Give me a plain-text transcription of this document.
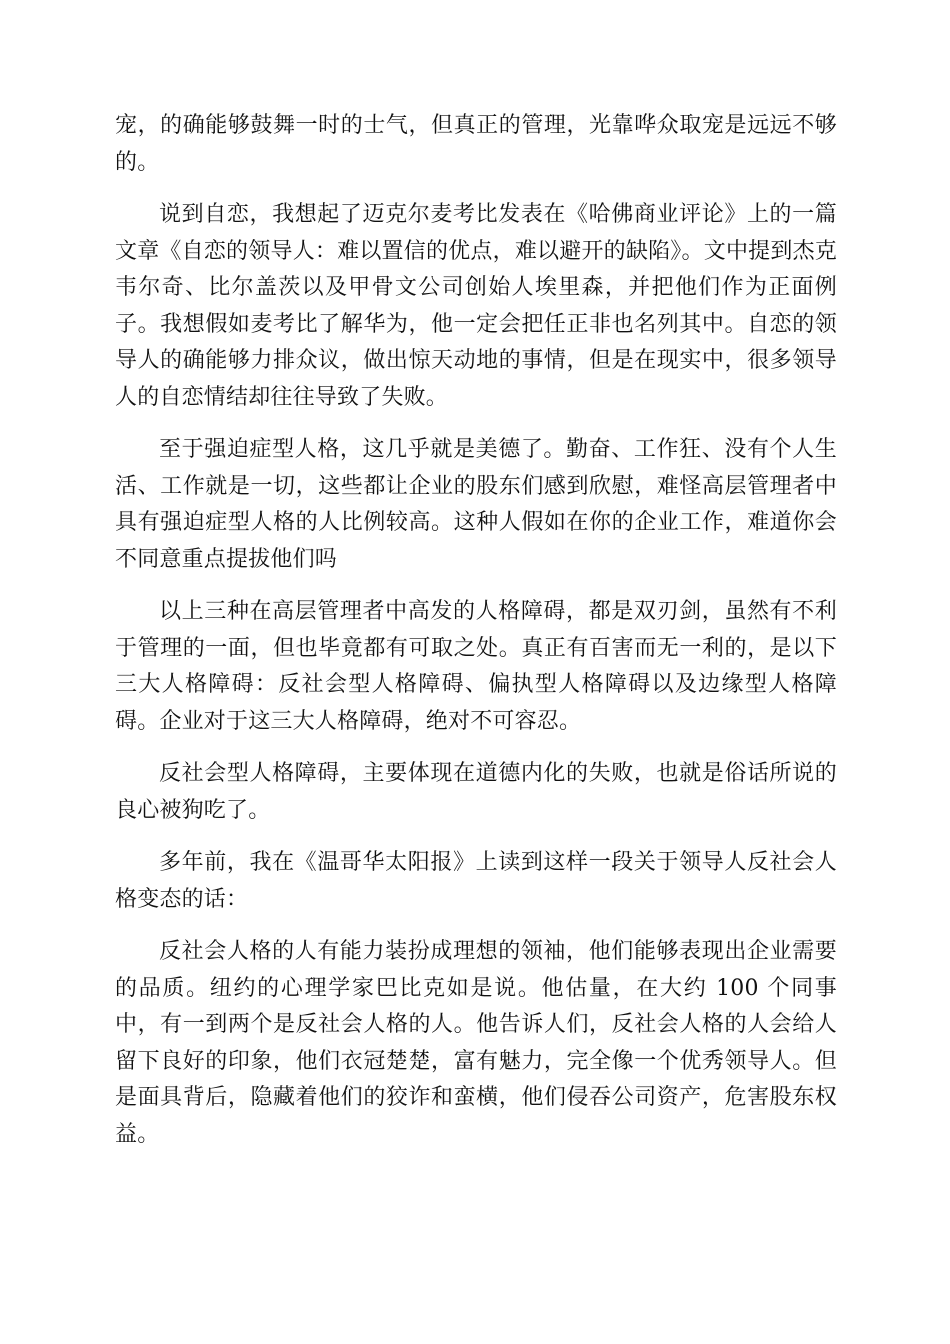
宠，的确能够鼓舞一时的士气，但真正的管理，光靠哗众取宠是远远不够的。

说到自恋，我想起了迈克尔麦考比发表在《哈佛商业评论》上的一篇文章《自恋的领导人：难以置信的优点，难以避开的缺陷》。文中提到杰克韦尔奇、比尔盖茨以及甲骨文公司创始人埃里森，并把他们作为正面例子。我想假如麦考比了解华为，他一定会把任正非也名列其中。自恋的领导人的确能够力排众议，做出惊天动地的事情，但是在现实中，很多领导人的自恋情结却往往导致了失败。

至于强迫症型人格，这几乎就是美德了。勤奋、工作狂、没有个人生活、工作就是一切，这些都让企业的股东们感到欣慰，难怪高层管理者中具有强迫症型人格的人比例较高。这种人假如在你的企业工作，难道你会不同意重点提拔他们吗

以上三种在高层管理者中高发的人格障碍，都是双刃剑，虽然有不利于管理的一面，但也毕竟都有可取之处。真正有百害而无一利的，是以下三大人格障碍：反社会型人格障碍、偏执型人格障碍以及边缘型人格障碍。企业对于这三大人格障碍，绝对不可容忍。

反社会型人格障碍，主要体现在道德内化的失败，也就是俗话所说的良心被狗吃了。

多年前，我在《温哥华太阳报》上读到这样一段关于领导人反社会人格变态的话：

反社会人格的人有能力装扮成理想的领袖，他们能够表现出企业需要的品质。纽约的心理学家巴比克如是说。他估量，在大约 100 个同事中，有一到两个是反社会人格的人。他告诉人们，反社会人格的人会给人留下良好的印象，他们衣冠楚楚，富有魅力，完全像一个优秀领导人。但是面具背后，隐藏着他们的狡诈和蛮横，他们侵吞公司资产，危害股东权益。
